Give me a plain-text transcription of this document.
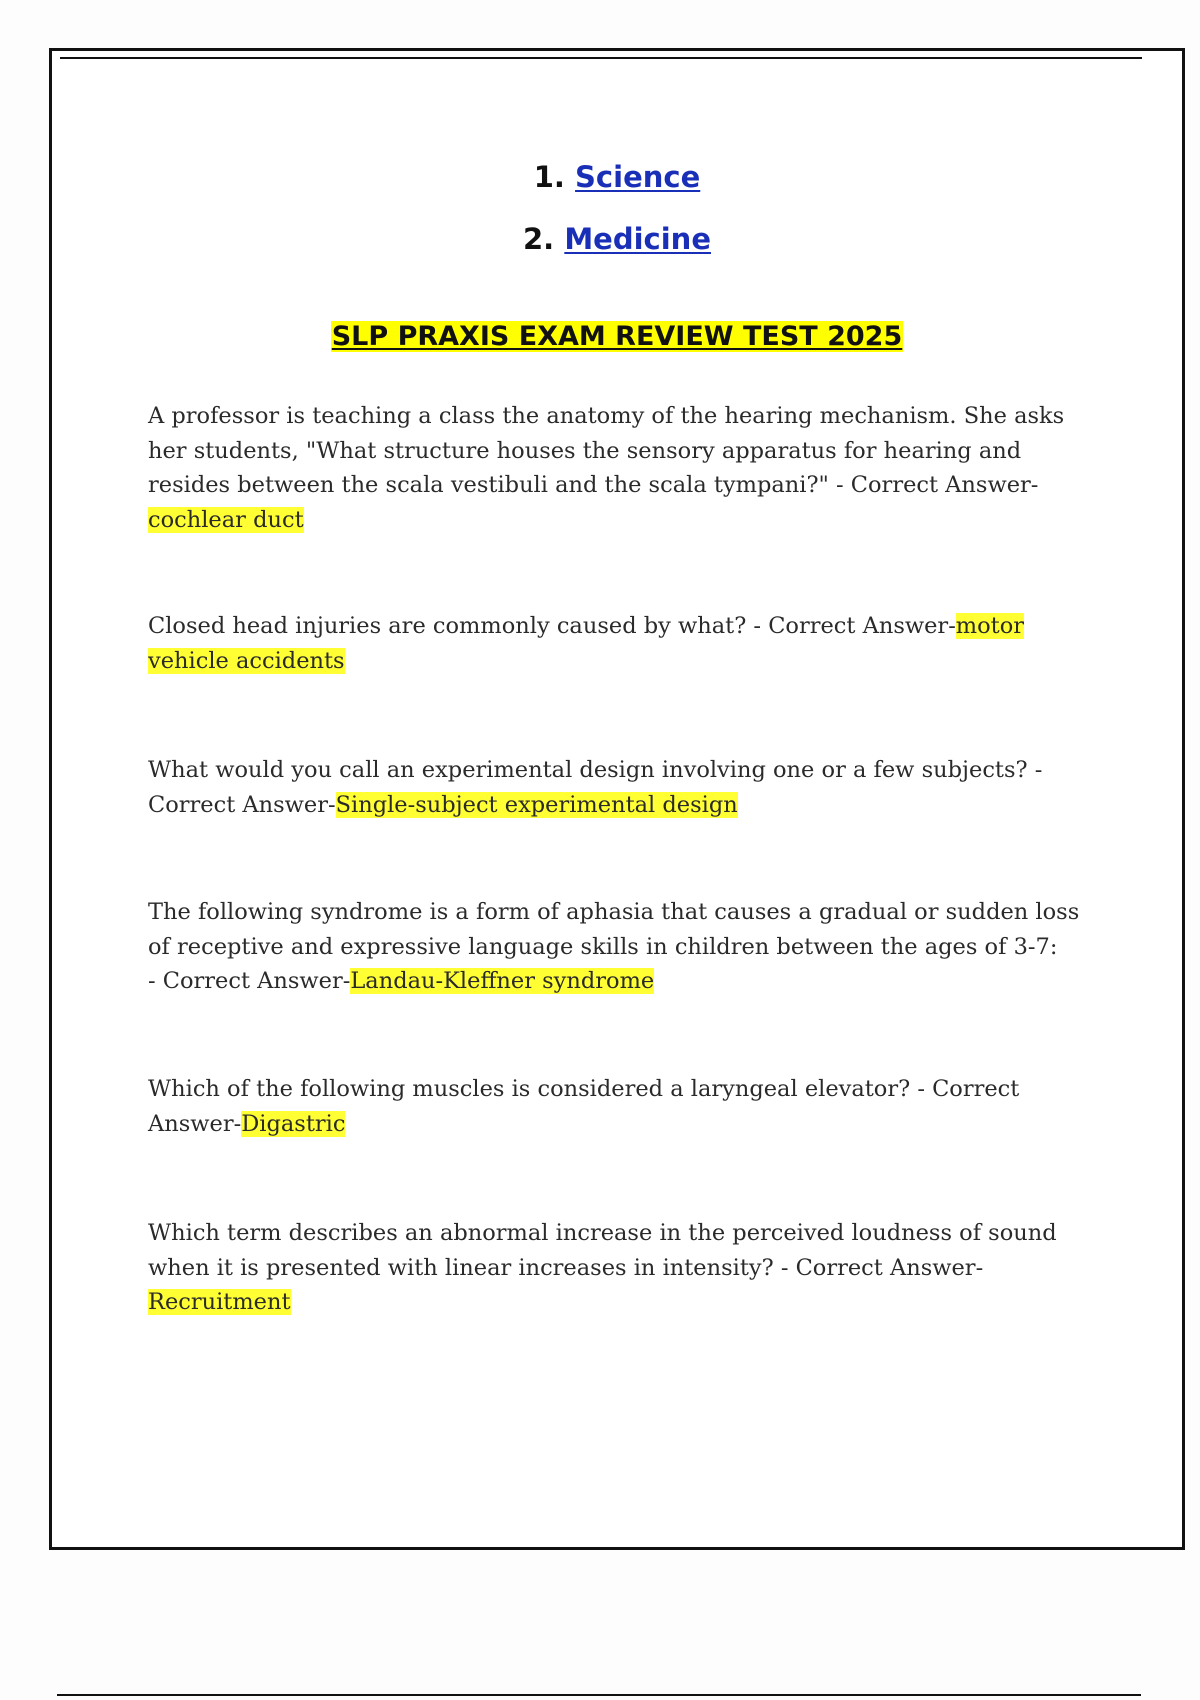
1. Science

2. Medicine

SLP PRAXIS EXAM REVIEW TEST 2025
A professor is teaching a class the anatomy of the hearing mechanism. She asks
her students, "What structure houses the sensory apparatus for hearing and
resides between the scala vestibuli and the scala tympani?" - Correct Answer-
cochlear duct
Closed head injuries are commonly caused by what? - Correct Answer-motor
vehicle accidents
What would you call an experimental design involving one or a few subjects? -
Correct Answer-Single-subject experimental design
The following syndrome is a form of aphasia that causes a gradual or sudden loss
of receptive and expressive language skills in children between the ages of 3-7:
- Correct Answer-Landau-Kleffner syndrome
Which of the following muscles is considered a laryngeal elevator? - Correct
Answer-Digastric
Which term describes an abnormal increase in the perceived loudness of sound
when it is presented with linear increases in intensity? - Correct Answer-
Recruitment
